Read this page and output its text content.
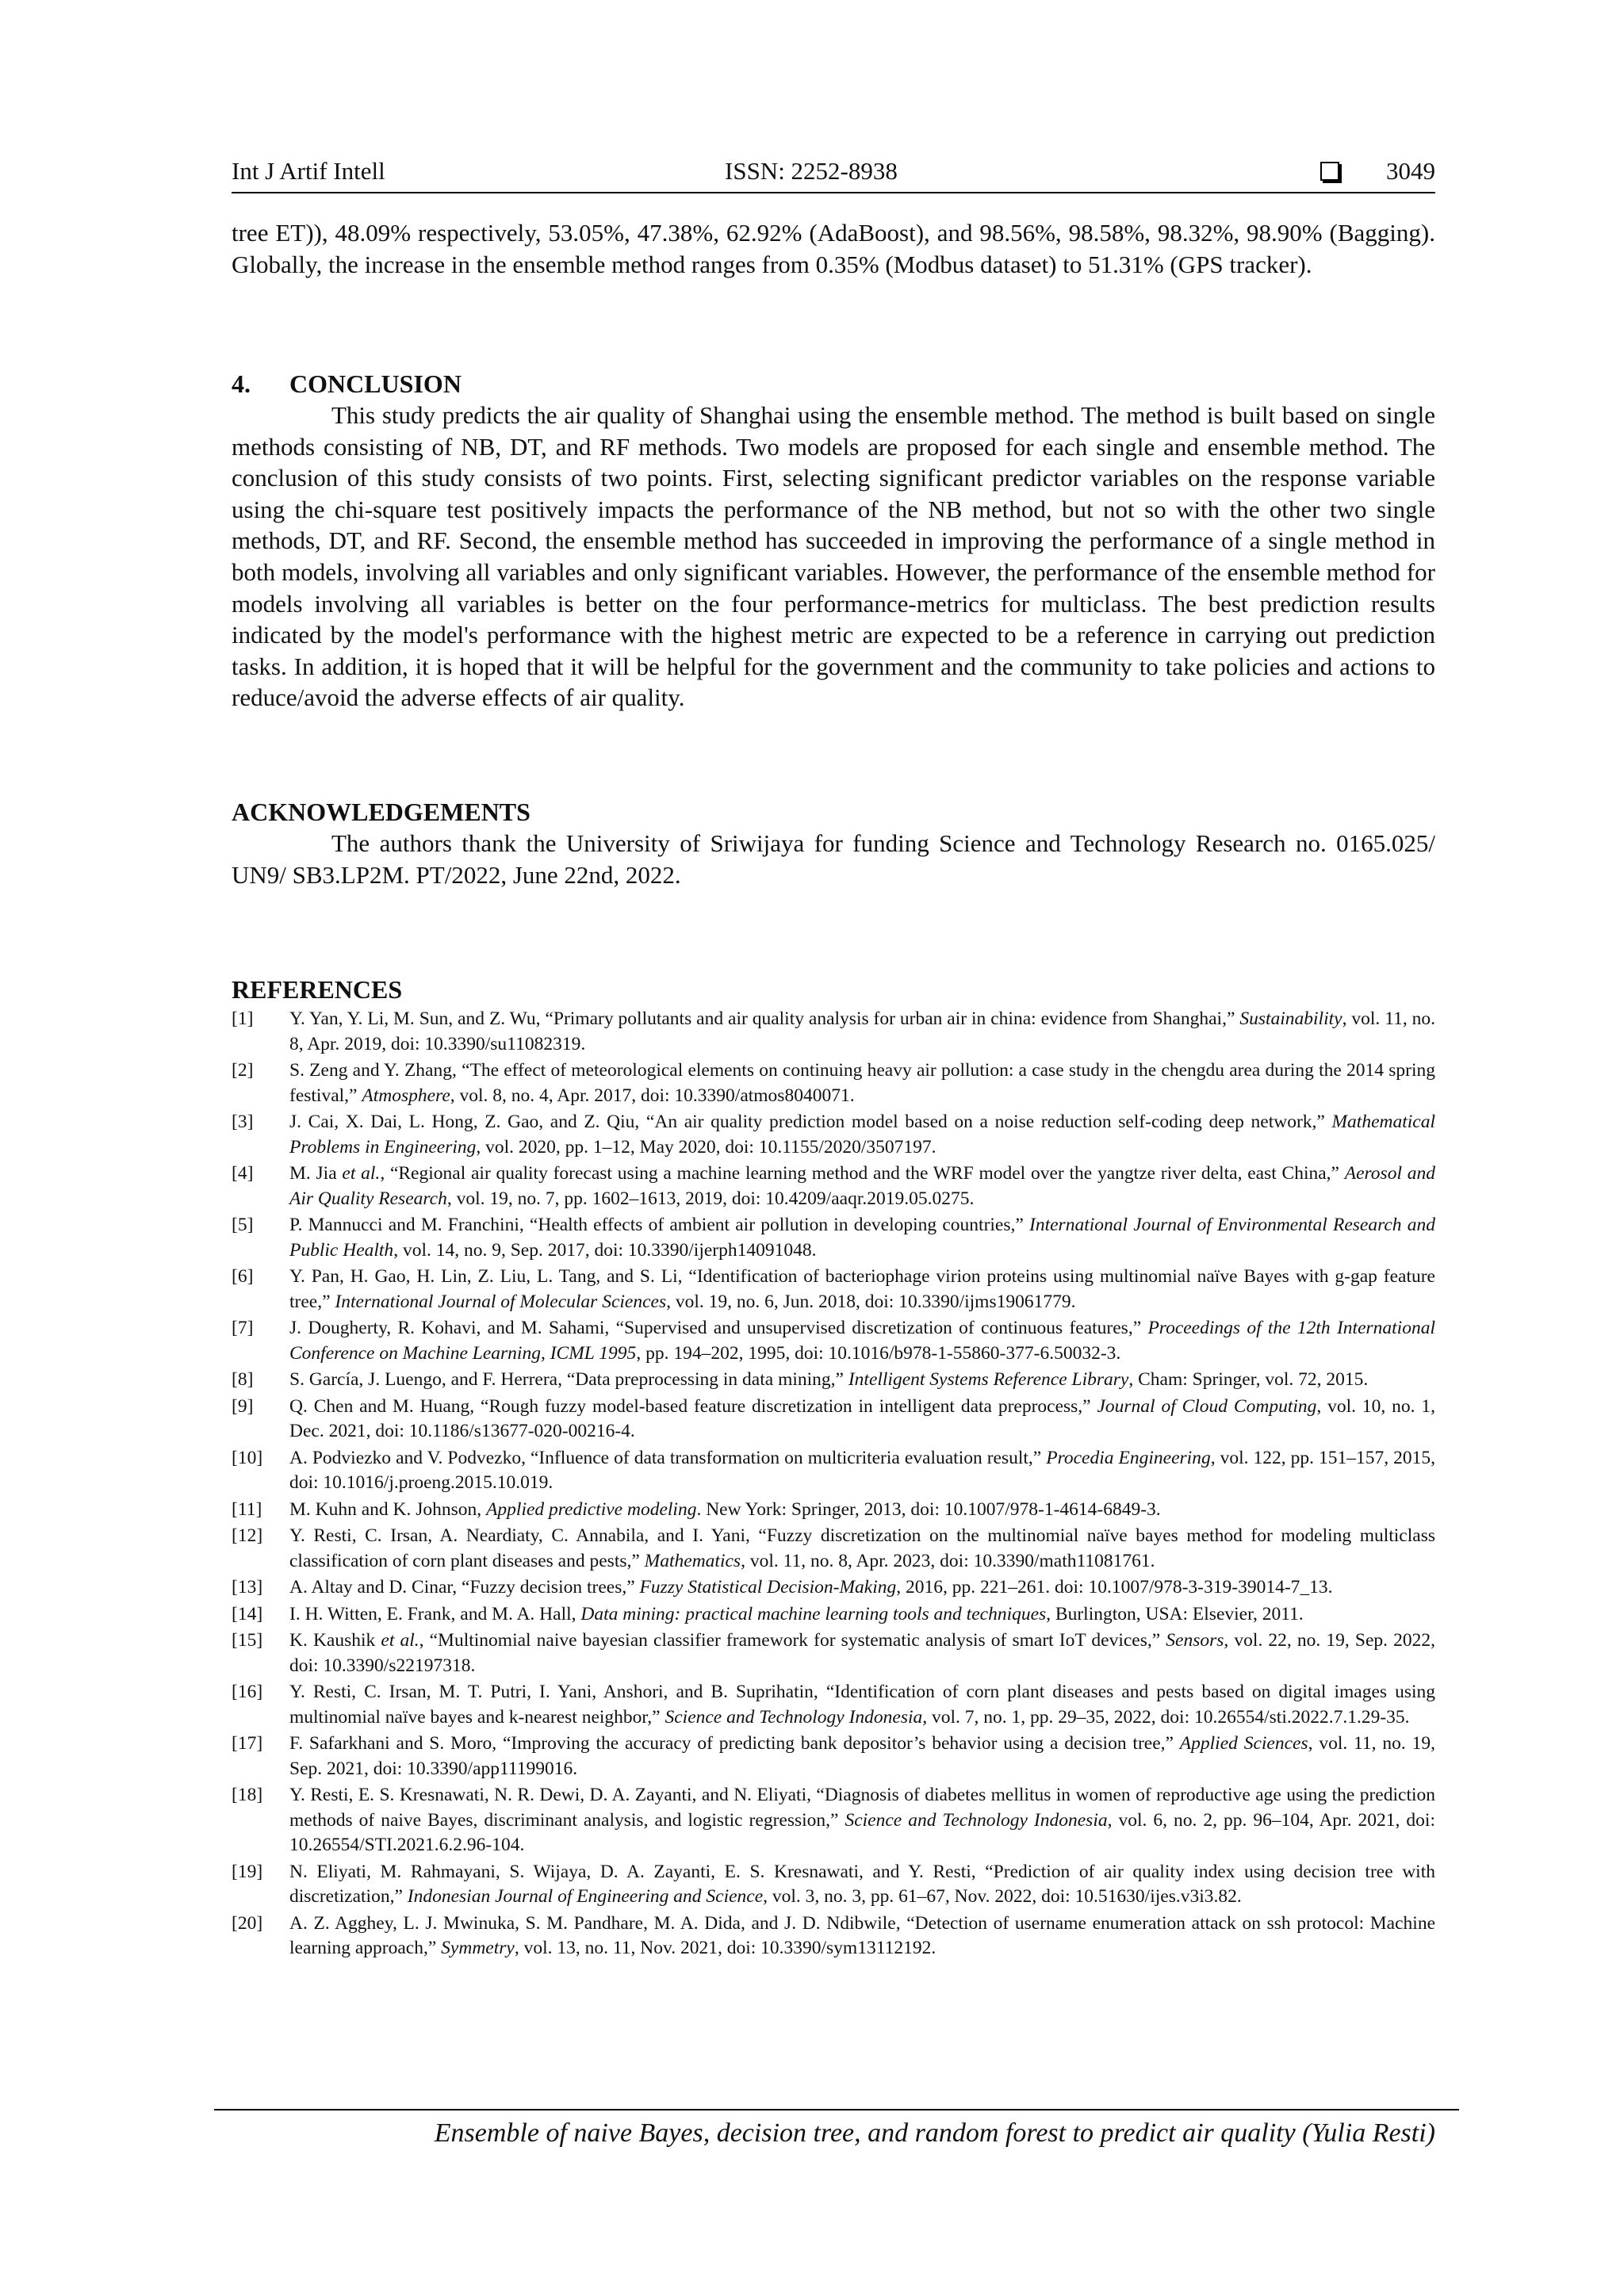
Int J Artif Intell	ISSN: 2252-8938	3049

tree ET)), 48.09% respectively, 53.05%, 47.38%, 62.92% (AdaBoost), and 98.56%, 98.58%, 98.32%, 98.90% (Bagging). Globally, the increase in the ensemble method ranges from 0.35% (Modbus dataset) to 51.31% (GPS tracker).

4. CONCLUSION

This study predicts the air quality of Shanghai using the ensemble method. The method is built based on single methods consisting of NB, DT, and RF methods. Two models are proposed for each single and ensemble method. The conclusion of this study consists of two points. First, selecting significant predictor variables on the response variable using the chi-square test positively impacts the performance of the NB method, but not so with the other two single methods, DT, and RF. Second, the ensemble method has succeeded in improving the performance of a single method in both models, involving all variables and only significant variables. However, the performance of the ensemble method for models involving all variables is better on the four performance-metrics for multiclass. The best prediction results indicated by the model's performance with the highest metric are expected to be a reference in carrying out prediction tasks. In addition, it is hoped that it will be helpful for the government and the community to take policies and actions to reduce/avoid the adverse effects of air quality.

ACKNOWLEDGEMENTS

The authors thank the University of Sriwijaya for funding Science and Technology Research no. 0165.025/ UN9/ SB3.LP2M. PT/2022, June 22nd, 2022.

REFERENCES
[1] Y. Yan, Y. Li, M. Sun, and Z. Wu, “Primary pollutants and air quality analysis for urban air in china: evidence from Shanghai,” Sustainability, vol. 11, no. 8, Apr. 2019, doi: 10.3390/su11082319.
[2] S. Zeng and Y. Zhang, “The effect of meteorological elements on continuing heavy air pollution: a case study in the chengdu area during the 2014 spring festival,” Atmosphere, vol. 8, no. 4, Apr. 2017, doi: 10.3390/atmos8040071.
[3] J. Cai, X. Dai, L. Hong, Z. Gao, and Z. Qiu, “An air quality prediction model based on a noise reduction self-coding deep network,” Mathematical Problems in Engineering, vol. 2020, pp. 1–12, May 2020, doi: 10.1155/2020/3507197.
[4] M. Jia et al., “Regional air quality forecast using a machine learning method and the WRF model over the yangtze river delta, east China,” Aerosol and Air Quality Research, vol. 19, no. 7, pp. 1602–1613, 2019, doi: 10.4209/aaqr.2019.05.0275.
[5] P. Mannucci and M. Franchini, “Health effects of ambient air pollution in developing countries,” International Journal of Environmental Research and Public Health, vol. 14, no. 9, Sep. 2017, doi: 10.3390/ijerph14091048.
[6] Y. Pan, H. Gao, H. Lin, Z. Liu, L. Tang, and S. Li, “Identification of bacteriophage virion proteins using multinomial naïve Bayes with g-gap feature tree,” International Journal of Molecular Sciences, vol. 19, no. 6, Jun. 2018, doi: 10.3390/ijms19061779.
[7] J. Dougherty, R. Kohavi, and M. Sahami, “Supervised and unsupervised discretization of continuous features,” Proceedings of the 12th International Conference on Machine Learning, ICML 1995, pp. 194–202, 1995, doi: 10.1016/b978-1-55860-377-6.50032-3.
[8] S. García, J. Luengo, and F. Herrera, “Data preprocessing in data mining,” Intelligent Systems Reference Library, Cham: Springer, vol. 72, 2015.
[9] Q. Chen and M. Huang, “Rough fuzzy model-based feature discretization in intelligent data preprocess,” Journal of Cloud Computing, vol. 10, no. 1, Dec. 2021, doi: 10.1186/s13677-020-00216-4.
[10] A. Podviezko and V. Podvezko, “Influence of data transformation on multicriteria evaluation result,” Procedia Engineering, vol. 122, pp. 151–157, 2015, doi: 10.1016/j.proeng.2015.10.019.
[11] M. Kuhn and K. Johnson, Applied predictive modeling. New York: Springer, 2013, doi: 10.1007/978-1-4614-6849-3.
[12] Y. Resti, C. Irsan, A. Neardiaty, C. Annabila, and I. Yani, “Fuzzy discretization on the multinomial naïve bayes method for modeling multiclass classification of corn plant diseases and pests,” Mathematics, vol. 11, no. 8, Apr. 2023, doi: 10.3390/math11081761.
[13] A. Altay and D. Cinar, “Fuzzy decision trees,” Fuzzy Statistical Decision-Making, 2016, pp. 221–261. doi: 10.1007/978-3-319-39014-7_13.
[14] I. H. Witten, E. Frank, and M. A. Hall, Data mining: practical machine learning tools and techniques, Burlington, USA: Elsevier, 2011.
[15] K. Kaushik et al., “Multinomial naive bayesian classifier framework for systematic analysis of smart IoT devices,” Sensors, vol. 22, no. 19, Sep. 2022, doi: 10.3390/s22197318.
[16] Y. Resti, C. Irsan, M. T. Putri, I. Yani, Anshori, and B. Suprihatin, “Identification of corn plant diseases and pests based on digital images using multinomial naïve bayes and k-nearest neighbor,” Science and Technology Indonesia, vol. 7, no. 1, pp. 29–35, 2022, doi: 10.26554/sti.2022.7.1.29-35.
[17] F. Safarkhani and S. Moro, “Improving the accuracy of predicting bank depositor’s behavior using a decision tree,” Applied Sciences, vol. 11, no. 19, Sep. 2021, doi: 10.3390/app11199016.
[18] Y. Resti, E. S. Kresnawati, N. R. Dewi, D. A. Zayanti, and N. Eliyati, “Diagnosis of diabetes mellitus in women of reproductive age using the prediction methods of naive Bayes, discriminant analysis, and logistic regression,” Science and Technology Indonesia, vol. 6, no. 2, pp. 96–104, Apr. 2021, doi: 10.26554/STI.2021.6.2.96-104.
[19] N. Eliyati, M. Rahmayani, S. Wijaya, D. A. Zayanti, E. S. Kresnawati, and Y. Resti, “Prediction of air quality index using decision tree with discretization,” Indonesian Journal of Engineering and Science, vol. 3, no. 3, pp. 61–67, Nov. 2022, doi: 10.51630/ijes.v3i3.82.
[20] A. Z. Agghey, L. J. Mwinuka, S. M. Pandhare, M. A. Dida, and J. D. Ndibwile, “Detection of username enumeration attack on ssh protocol: Machine learning approach,” Symmetry, vol. 13, no. 11, Nov. 2021, doi: 10.3390/sym13112192.
Ensemble of naive Bayes, decision tree, and random forest to predict air quality (Yulia Resti)
